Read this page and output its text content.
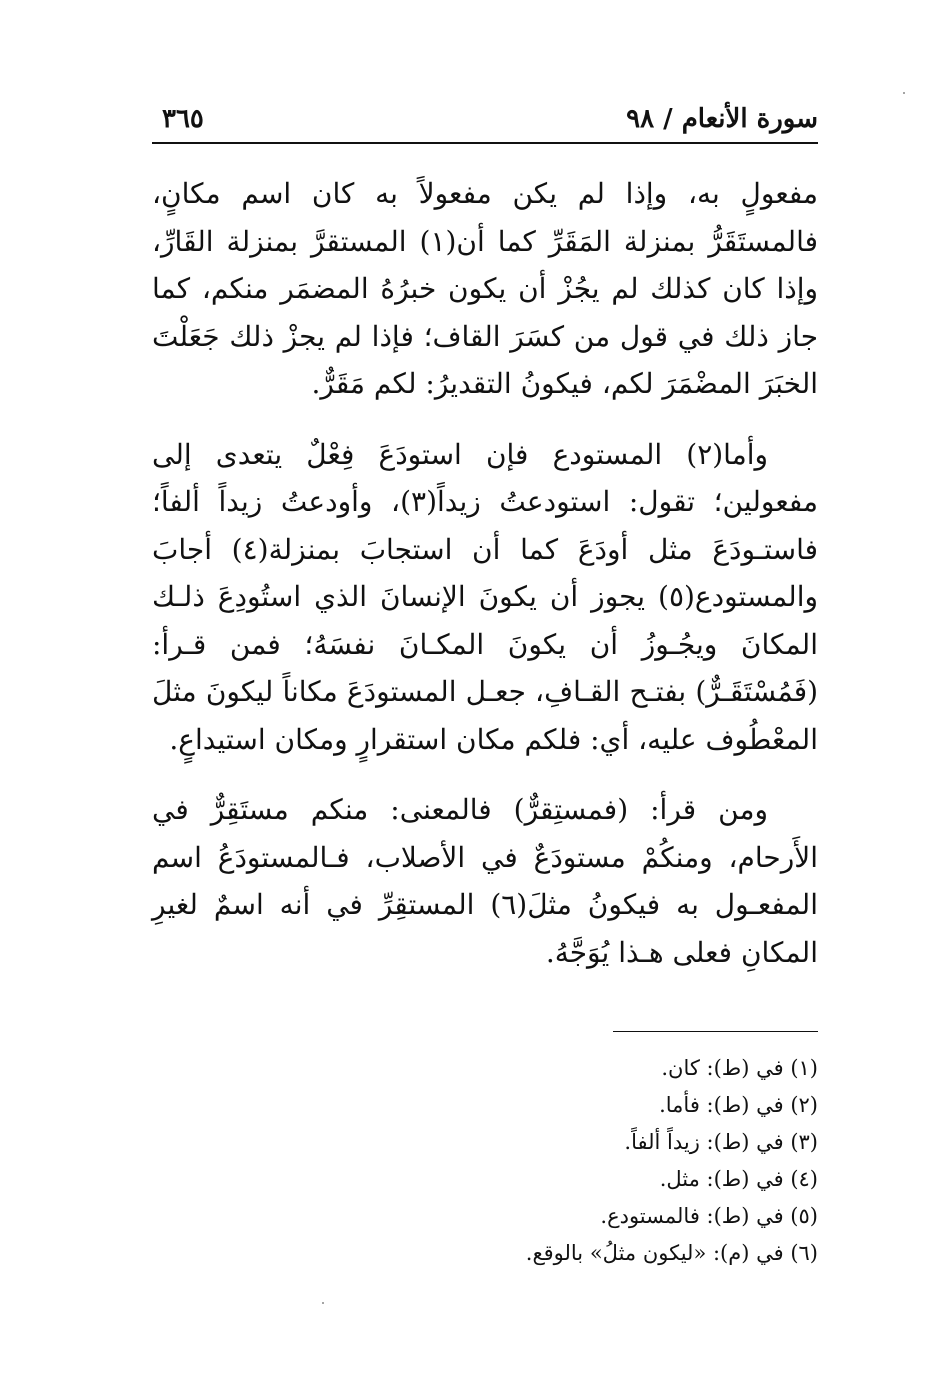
سورة الأنعام / ٩٨
٣٦٥

مفعولٍ به، وإذا لم يكن مفعولاً به كان اسم مكانٍ، فالمستَقَرُّ بمنزلة المَقَرِّ كما أن(١) المستقرَّ بمنزلة القَارِّ، وإذا كان كذلك لم يجُزْ أن يكون خبرُهُ المضمَر منكم، كما جاز ذلك في قول من كسَرَ القاف؛ فإذا لم يجزْ ذلك جَعَلْتَ الخبَرَ المضْمَرَ لكم، فيكونُ التقديرُ: لكم مَقَرٌّ.

وأما(٢) المستودع فإن استودَعَ فِعْلٌ يتعدى إلى مفعولين؛ تقول: استودعتُ زيداً(٣)، وأودعتُ زيداً ألفاً؛ فاستـودَعَ مثل أودَعَ كما أن استجابَ بمنزلة(٤) أجابَ والمستودع(٥) يجوز أن يكونَ الإنسانَ الذي استُودِعَ ذلـك المكانَ ويجُـوزُ أن يكونَ المكـانَ نفسَهُ؛ فمن قـرأ: (فَمُسْتَقَـرٌّ) بفتـح القـافِ، جعـل المستودَعَ مكاناً ليكونَ مثلَ المعْطُوف عليه، أي: فلكم مكان استقرارٍ ومكان استيداعٍ.

ومن قرأ: (فمستِقرٌّ) فالمعنى: منكم مستَقِرٌّ في الأَرحام، ومنكُمْ مستودَعٌ في الأصلاب، فـالمستودَعُ اسم المفعـول به فيكونُ مثلَ(٦) المستقِرِّ في أنه اسمٌ لغيرِ المكانِ فعلى هـذا يُوَجَّهُ.

(١) في (ط): كان.
(٢) في (ط): فأما.
(٣) في (ط): زيداً ألفاً.
(٤) في (ط): مثل.
(٥) في (ط): فالمستودع.
(٦) في (م): «ليكون مثلُ» بالوقع.
